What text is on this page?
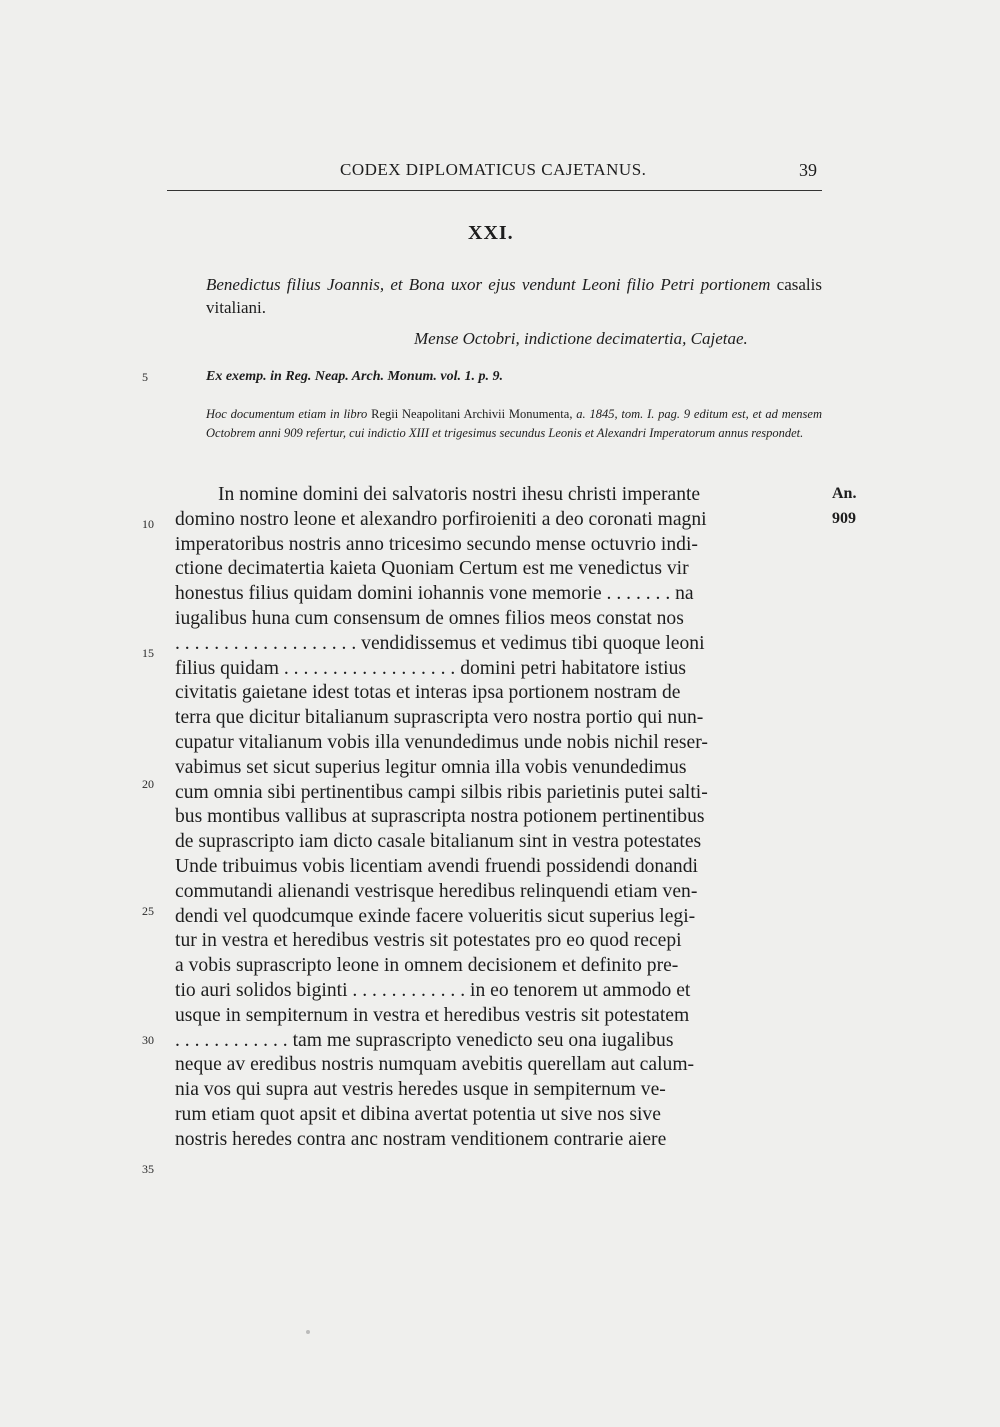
CODEX DIPLOMATICUS CAJETANUS.	39
XXI.
Benedictus filius Joannis, et Bona uxor ejus vendunt Leoni filio Petri portionem casalis vitaliani.
Mense Octobri, indictione decimatertia, Cajetae.
Ex exemp. in Reg. Neap. Arch. Monum. vol. 1. p. 9.
Hoc documentum etiam in libro Regii Neapolitani Archivii Monumenta, a. 1845, tom. I. pag. 9 editum est, et ad mensem Octobrem anni 909 refertur, cui indictio XIII et trigesimus secundus Leonis et Alexandri Imperatorum annus respondet.
5
10
15
20
25
30
35
An.
909
In nomine domini dei salvatoris nostri ihesu christi imperante
domino nostro leone et alexandro porfiroieniti a deo coronati magni
imperatoribus nostris anno tricesimo secundo mense octuvrio indi-
ctione decimatertia kaieta Quoniam Certum est me venedictus vir
honestus filius quidam domini iohannis vone memorie . . . . . . . na
iugalibus huna cum consensum de omnes filios meos constat nos
. . . . . . . . . . . . . . . . . . . vendidissemus et vedimus tibi quoque leoni
filius quidam . . . . . . . . . . . . . . . . . . domini petri habitatore istius
civitatis gaietane idest totas et interas ipsa portionem nostram de
terra que dicitur bitalianum suprascripta vero nostra portio qui nun-
cupatur vitalianum vobis illa venundedimus unde nobis nichil reser-
vabimus set sicut superius legitur omnia illa vobis venundedimus
cum omnia sibi pertinentibus campi silbis ribis parietinis putei salti-
bus montibus vallibus at suprascripta nostra potionem pertinentibus
de suprascripto iam dicto casale bitalianum sint in vestra potestates
Unde tribuimus vobis licentiam avendi fruendi possidendi donandi
commutandi alienandi vestrisque heredibus relinquendi etiam ven-
dendi vel quodcumque exinde facere volueritis sicut superius legi-
tur in vestra et heredibus vestris sit potestates pro eo quod recepi
a vobis suprascripto leone in omnem decisionem et definito pre-
tio auri solidos biginti . . . . . . . . . . . . in eo tenorem ut ammodo et
usque in sempiternum in vestra et heredibus vestris sit potestatem
. . . . . . . . . . . . tam me suprascripto venedicto seu ona iugalibus
neque av eredibus nostris numquam avebitis querellam aut calum-
nia vos qui supra aut vestris heredes usque in sempiternum ve-
rum etiam quot apsit et dibina avertat potentia ut sive nos sive
nostris heredes contra anc nostram venditionem contrarie aiere
